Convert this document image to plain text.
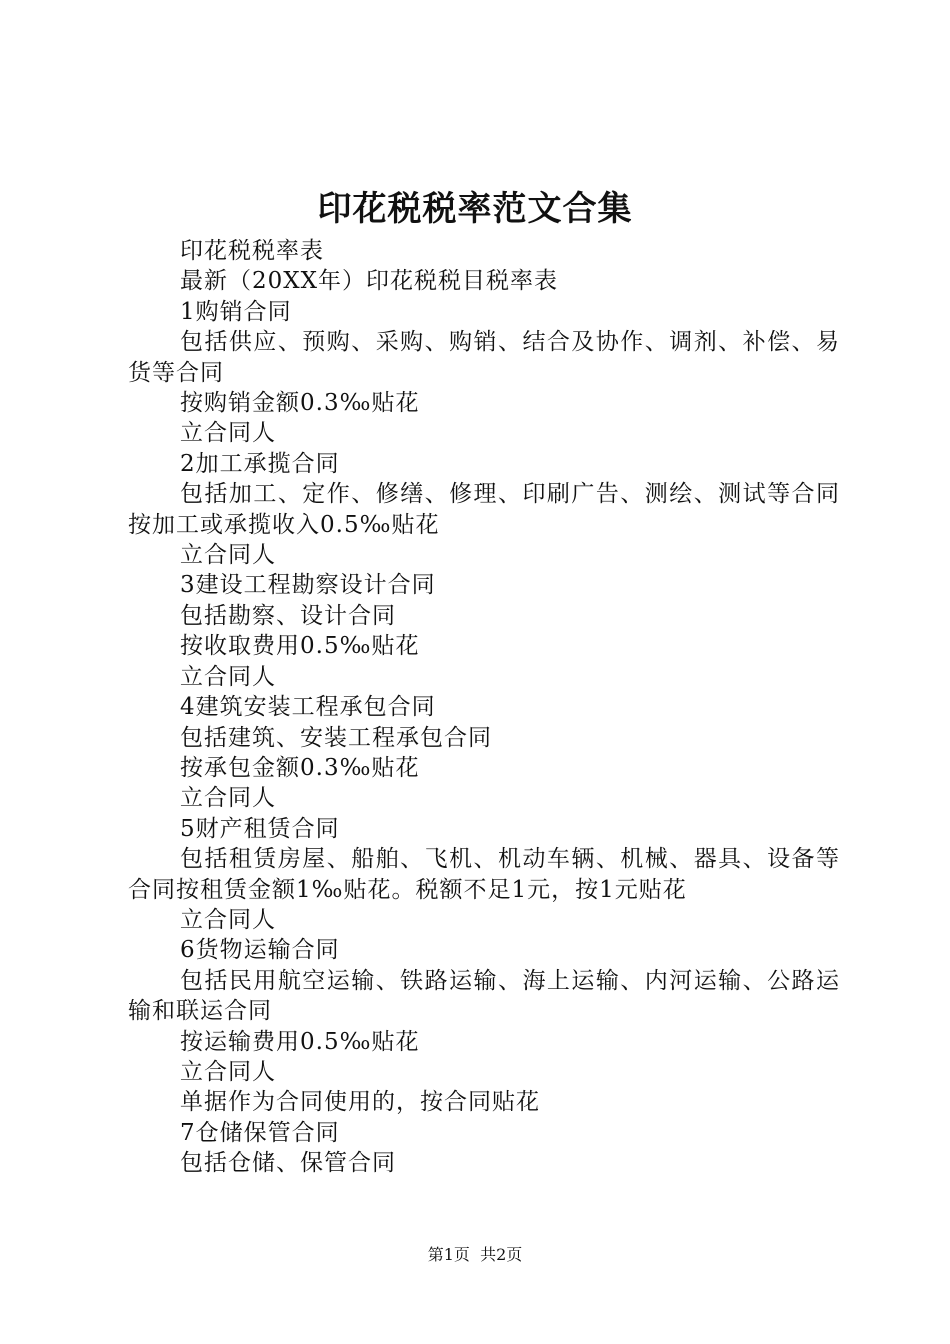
印花税税率范文合集
印花税税率表
最新（20XX年）印花税税目税率表
1购销合同
包括供应、预购、采购、购销、结合及协作、调剂、补偿、易货等合同
按购销金额0.3‰贴花
立合同人
2加工承揽合同
包括加工、定作、修缮、修理、印刷广告、测绘、测试等合同按加工或承揽收入0.5‰贴花
立合同人
3建设工程勘察设计合同
包括勘察、设计合同
按收取费用0.5‰贴花
立合同人
4建筑安装工程承包合同
包括建筑、安装工程承包合同
按承包金额0.3‰贴花
立合同人
5财产租赁合同
包括租赁房屋、船舶、飞机、机动车辆、机械、器具、设备等合同按租赁金额1‰贴花。税额不足1元，按1元贴花
立合同人
6货物运输合同
包括民用航空运输、铁路运输、海上运输、内河运输、公路运输和联运合同
按运输费用0.5‰贴花
立合同人
单据作为合同使用的，按合同贴花
7仓储保管合同
包括仓储、保管合同
第1页 共2页
